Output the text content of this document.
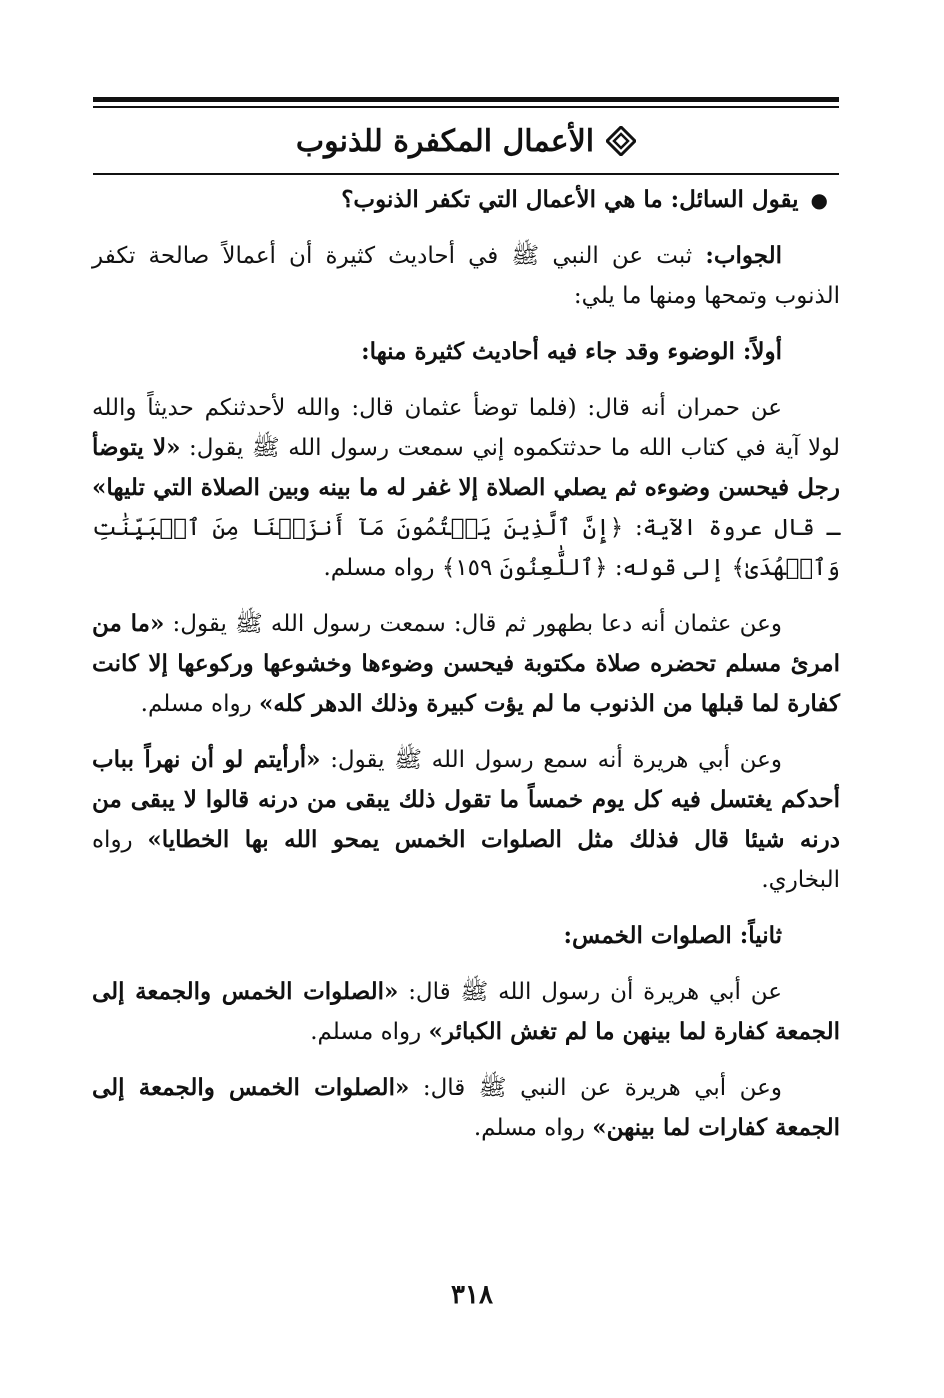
الأعمال المكفرة للذنوب

● يقول السائل: ما هي الأعمال التي تكفر الذنوب؟

الجواب: ثبت عن النبي ﷺ في أحاديث كثيرة أن أعمالاً صالحة تكفر الذنوب وتمحها ومنها ما يلي:

أولاً: الوضوء وقد جاء فيه أحاديث كثيرة منها:

عن حمران أنه قال: (فلما توضأ عثمان قال: والله لأحدثنكم حديثاً والله لولا آية في كتاب الله ما حدثتكموه إني سمعت رسول الله ﷺ يقول: «لا يتوضأ رجل فيحسن وضوءه ثم يصلي الصلاة إلا غفر له ما بينه وبين الصلاة التي تليها» ـ قال عروة الآية: ﴿إِنَّ ٱلَّذِينَ يَكۡتُمُونَ مَآ أَنزَلۡنَا مِنَ ٱلۡبَيِّنَٰتِ وَٱلۡهُدَىٰ﴾ إلى قوله: ﴿ٱللَّٰعِنُونَ ١٥٩﴾ رواه مسلم.

وعن عثمان أنه دعا بطهور ثم قال: سمعت رسول الله ﷺ يقول: «ما من امرئ مسلم تحضره صلاة مكتوبة فيحسن وضوءها وخشوعها وركوعها إلا كانت كفارة لما قبلها من الذنوب ما لم يؤت كبيرة وذلك الدهر كله» رواه مسلم.

وعن أبي هريرة أنه سمع رسول الله ﷺ يقول: «أرأيتم لو أن نهراً بباب أحدكم يغتسل فيه كل يوم خمساً ما تقول ذلك يبقى من درنه قالوا لا يبقى من درنه شيئا قال فذلك مثل الصلوات الخمس يمحو الله بها الخطايا» رواه البخاري.

ثانياً: الصلوات الخمس:

عن أبي هريرة أن رسول الله ﷺ قال: «الصلوات الخمس والجمعة إلى الجمعة كفارة لما بينهن ما لم تغش الكبائر» رواه مسلم.

وعن أبي هريرة عن النبي ﷺ قال: «الصلوات الخمس والجمعة إلى الجمعة كفارات لما بينهن» رواه مسلم.

٣١٨
